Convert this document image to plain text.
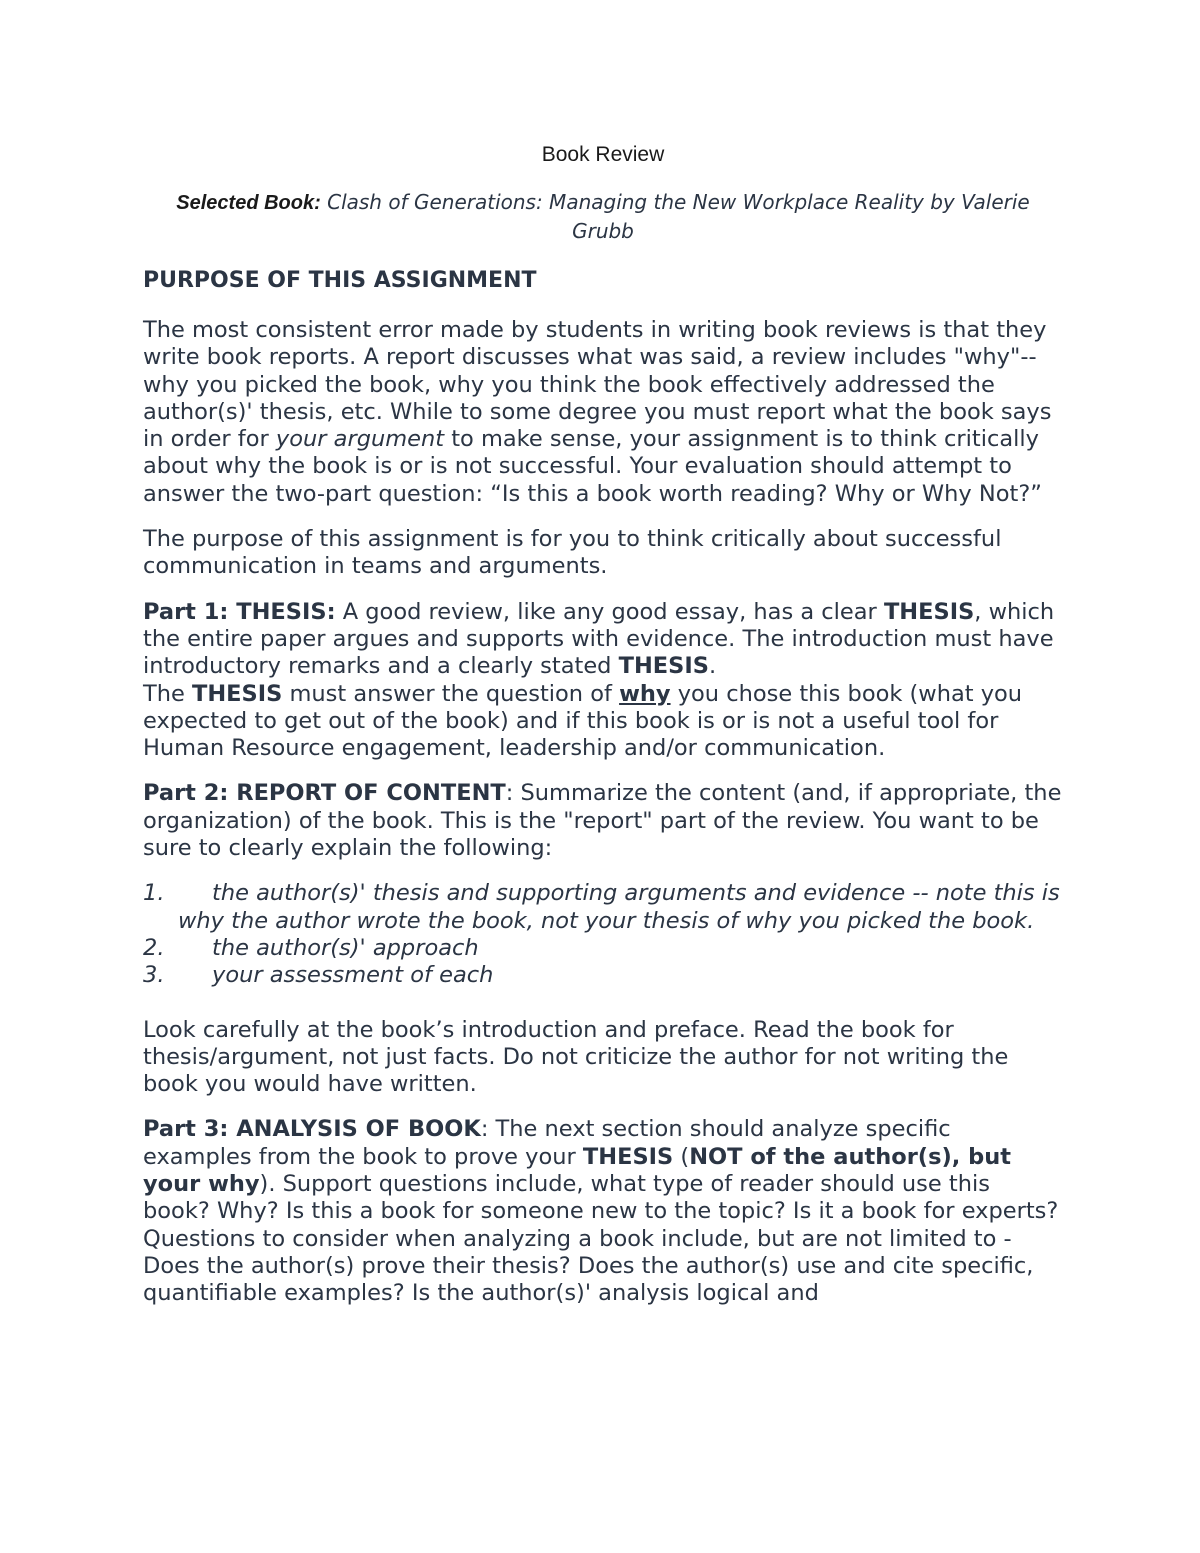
Book Review
Selected Book: Clash of Generations: Managing the New Workplace Reality by Valerie Grubb
PURPOSE OF THIS ASSIGNMENT

The most consistent error made by students in writing book reviews is that they write book reports. A report discusses what was said, a review includes "why"--why you picked the book, why you think the book effectively addressed the author(s)' thesis, etc. While to some degree you must report what the book says in order for your argument to make sense, your assignment is to think critically about why the book is or is not successful. Your evaluation should attempt to answer the two-part question: “Is this a book worth reading? Why or Why Not?”

The purpose of this assignment is for you to think critically about successful communication in teams and arguments.

Part 1: THESIS: A good review, like any good essay, has a clear THESIS, which the entire paper argues and supports with evidence. The introduction must have introductory remarks and a clearly stated THESIS.

The THESIS must answer the question of why you chose this book (what you expected to get out of the book) and if this book is or is not a useful tool for Human Resource engagement, leadership and/or communication.

Part 2: REPORT OF CONTENT: Summarize the content (and, if appropriate, the organization) of the book. This is the "report" part of the review. You want to be sure to clearly explain the following:

1.	the author(s)' thesis and supporting arguments and evidence -- note this is why the author wrote the book, not your thesis of why you picked the book.
2.	the author(s)' approach
3.	your assessment of each

Look carefully at the book’s introduction and preface. Read the book for thesis/argument, not just facts. Do not criticize the author for not writing the book you would have written.

Part 3: ANALYSIS OF BOOK: The next section should analyze specific examples from the book to prove your THESIS (NOT of the author(s), but your why). Support questions include, what type of reader should use this book? Why? Is this a book for someone new to the topic? Is it a book for experts? Questions to consider when analyzing a book include, but are not limited to - Does the author(s) prove their thesis? Does the author(s) use and cite specific, quantifiable examples? Is the author(s)' analysis logical and
